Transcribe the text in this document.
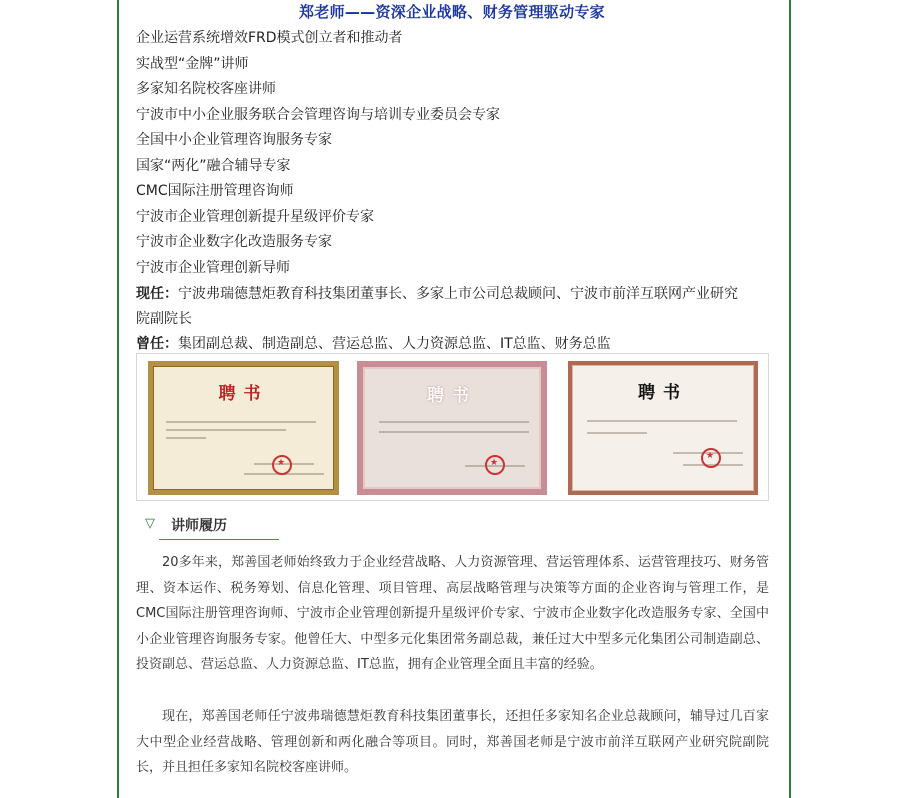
郑老师——资深企业战略、财务管理驱动专家
企业运营系统增效FRD模式创立者和推动者
实战型“金牌”讲师
多家知名院校客座讲师
宁波市中小企业服务联合会管理咨询与培训专业委员会专家
全国中小企业管理咨询服务专家
国家“两化”融合辅导专家
CMC国际注册管理咨询师
宁波市企业管理创新提升星级评价专家
宁波市企业数字化改造服务专家
宁波市企业管理创新导师
现任：宁波弗瑞德慧炬教育科技集团董事长、多家上市公司总裁顾问、宁波市前洋互联网产业研究
院副院长
曾任：集团副总裁、制造副总、营运总监、人力资源总监、IT总监、财务总监
聘书
★	聘书
★	聘书
★
▽ 讲师履历
20多年来，郑善国老师始终致力于企业经营战略、人力资源管理、营运管理体系、运营管理技巧、财务管理、资本运作、税务筹划、信息化管理、项目管理、高层战略管理与决策等方面的企业咨询与管理工作，是CMC国际注册管理咨询师、宁波市企业管理创新提升星级评价专家、宁波市企业数字化改造服务专家、全国中小企业管理咨询服务专家。他曾任大、中型多元化集团常务副总裁，兼任过大中型多元化集团公司制造副总、投资副总、营运总监、人力资源总监、IT总监，拥有企业管理全面且丰富的经验。
现在，郑善国老师任宁波弗瑞德慧炬教育科技集团董事长，还担任多家知名企业总裁顾问，辅导过几百家大中型企业经营战略、管理创新和两化融合等项目。同时，郑善国老师是宁波市前洋互联网产业研究院副院长，并且担任多家知名院校客座讲师。
